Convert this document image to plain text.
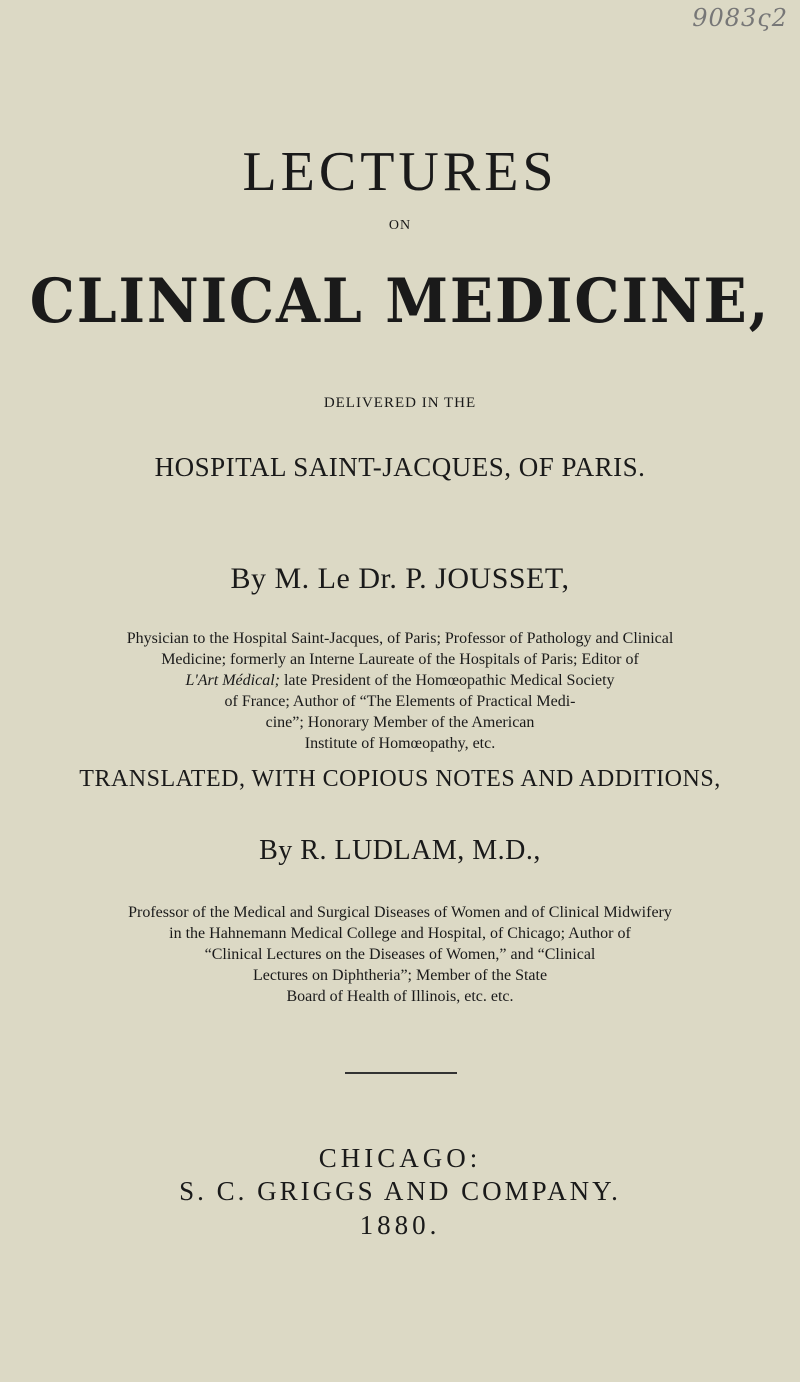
9083ς2
LECTURES
ON
CLINICAL MEDICINE,
DELIVERED IN THE
HOSPITAL SAINT-JACQUES, OF PARIS.
By M. Le Dr. P. JOUSSET,
Physician to the Hospital Saint-Jacques, of Paris; Professor of Pathology and Clinical
Medicine; formerly an Interne Laureate of the Hospitals of Paris; Editor of
L'Art Médical; late President of the Homœopathic Medical Society
of France; Author of “The Elements of Practical Medi-
cine”; Honorary Member of the American
Institute of Homœopathy, etc.
TRANSLATED, WITH COPIOUS NOTES AND ADDITIONS,
By R. LUDLAM, M.D.,
Professor of the Medical and Surgical Diseases of Women and of Clinical Midwifery
in the Hahnemann Medical College and Hospital, of Chicago; Author of
“Clinical Lectures on the Diseases of Women,” and “Clinical
Lectures on Diphtheria”; Member of the State
Board of Health of Illinois, etc. etc.
CHICAGO:
S. C. GRIGGS AND COMPANY.
1880.
